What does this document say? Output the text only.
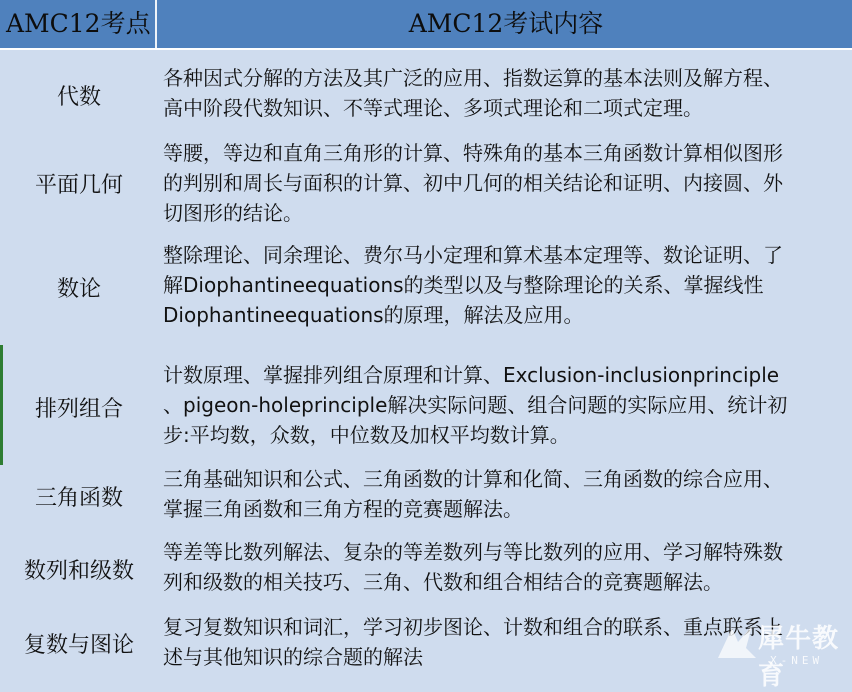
AMC12考点	AMC12考试内容
代数
各种因式分解的方法及其广泛的应用、指数运算的基本法则及解方程、
高中阶段代数知识、不等式理论、多项式理论和二项式定理。
平面几何
等腰，等边和直角三角形的计算、特殊角的基本三角函数计算相似图形
的判别和周长与面积的计算、初中几何的相关结论和证明、内接圆、外
切图形的结论。
数论
整除理论、同余理论、费尔马小定理和算术基本定理等、数论证明、了
解Diophantineequations的类型以及与整除理论的关系、掌握线性
Diophantineequations的原理，解法及应用。
排列组合
计数原理、掌握排列组合原理和计算、Exclusion-inclusionprinciple
、pigeon-holeprinciple解决实际问题、组合问题的实际应用、统计初
步:平均数，众数，中位数及加权平均数计算。
三角函数
三角基础知识和公式、三角函数的计算和化简、三角函数的综合应用、
掌握三角函数和三角方程的竞赛题解法。
数列和级数
等差等比数列解法、复杂的等差数列与等比数列的应用、学习解特殊数
列和级数的相关技巧、三角、代数和组合相结合的竞赛题解法。
复数与图论
复习复数知识和词汇，学习初步图论、计数和组合的联系、重点联系上
述与其他知识的综合题的解法
犀牛教育
X-NEW
